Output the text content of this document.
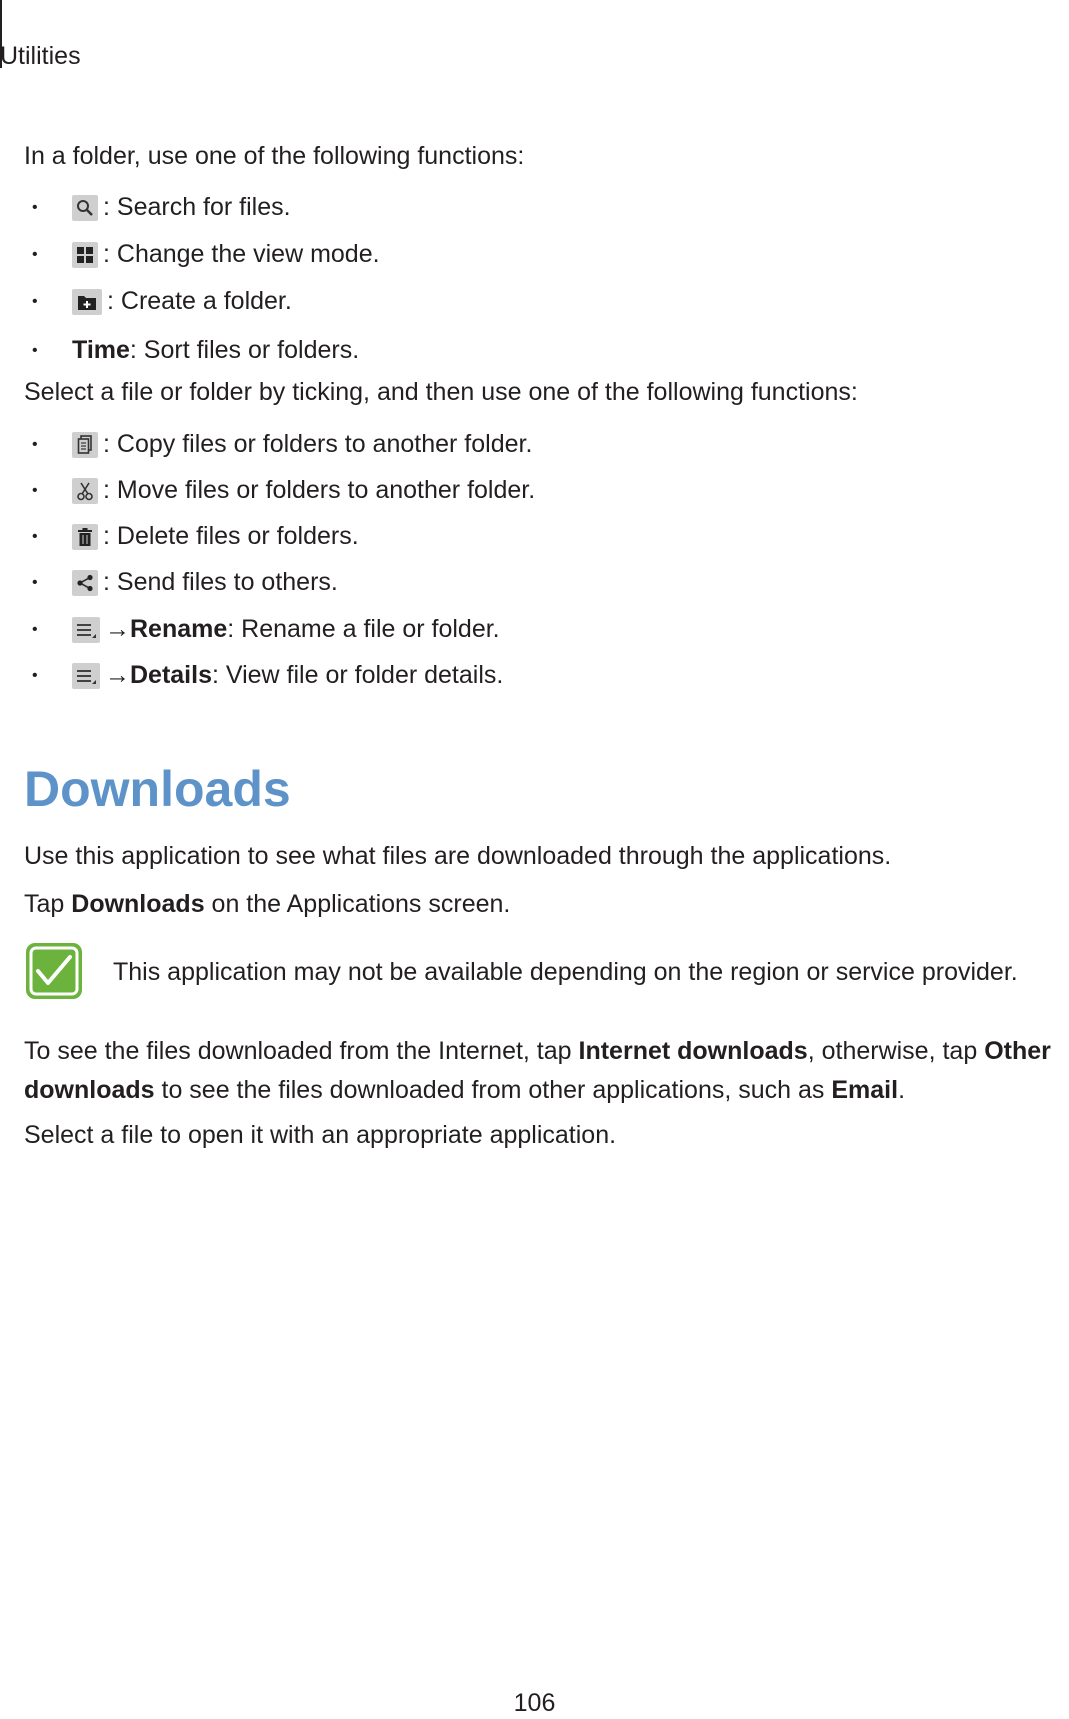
Utilities
In a folder, use one of the following functions:
•	: Search for files.
•	: Change the view mode.
•	: Create a folder.
•	Time : Sort files or folders.
Select a file or folder by ticking, and then use one of the following functions:
•	: Copy files or folders to another folder.
•	: Move files or folders to another folder.
•	: Delete files or folders.
•	: Send files to others.
•	→ Rename : Rename a file or folder.
•	→ Details : View file or folder details.
Downloads
Use this application to see what files are downloaded through the applications.
Tap Downloads on the Applications screen.
This application may not be available depending on the region or service provider.
To see the files downloaded from the Internet, tap Internet downloads, otherwise, tap Other
downloads to see the files downloaded from other applications, such as Email.
Select a file to open it with an appropriate application.
106
